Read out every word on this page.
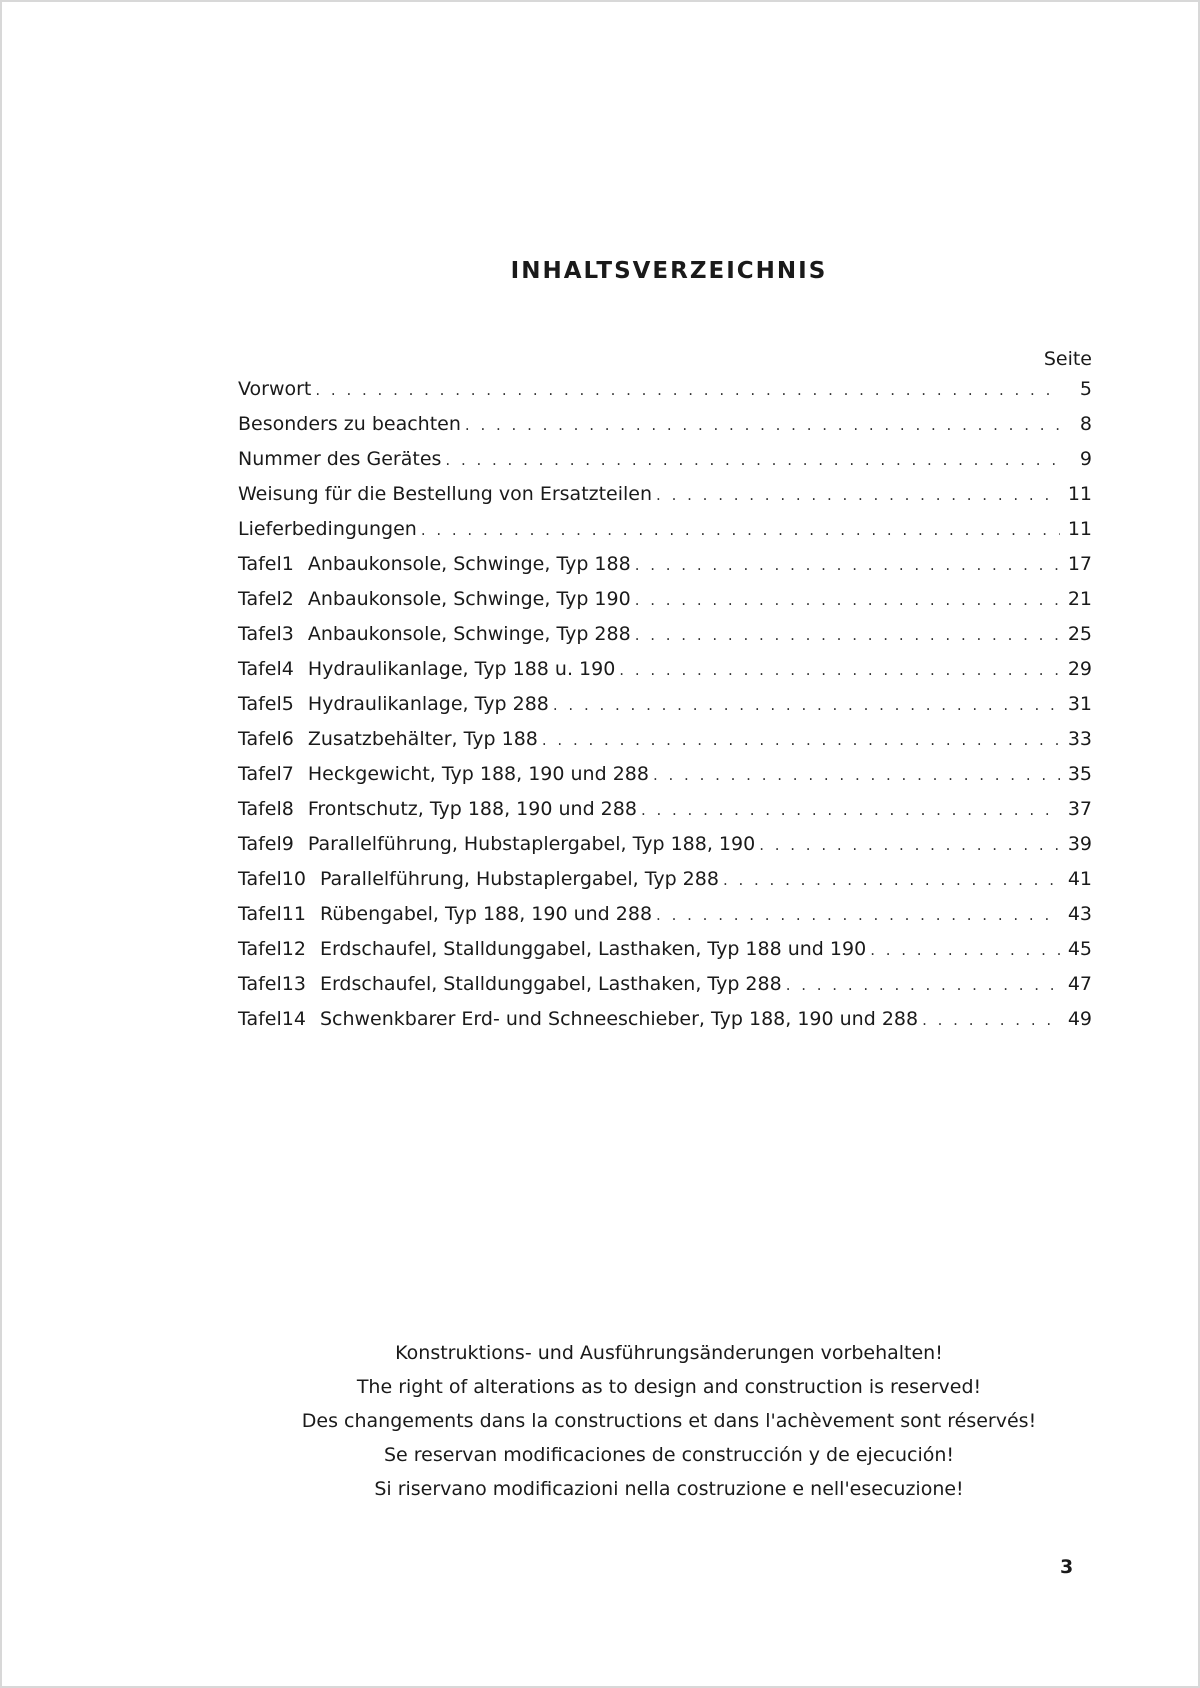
INHALTSVERZEICHNIS
Seite
Vorwort . . .	5
Besonders zu beachten . . .	8
Nummer des Gerätes . . .	9
Weisung für die Bestellung von Ersatzteilen . . .	11
Lieferbedingungen . . .	11
Tafel 1 Anbaukonsole, Schwinge, Typ 188 . . .	17
Tafel 2 Anbaukonsole, Schwinge, Typ 190 . . .	21
Tafel 3 Anbaukonsole, Schwinge, Typ 288 . . .	25
Tafel 4 Hydraulikanlage, Typ 188 u. 190 . . .	29
Tafel 5 Hydraulikanlage, Typ 288 . . .	31
Tafel 6 Zusatzbehälter, Typ 188 . . .	33
Tafel 7 Heckgewicht, Typ 188, 190 und 288 . . .	35
Tafel 8 Frontschutz, Typ 188, 190 und 288 . . .	37
Tafel 9 Parallelführung, Hubstaplergabel, Typ 188, 190 . . .	39
Tafel 10 Parallelführung, Hubstaplergabel, Typ 288 . . .	41
Tafel 11 Rübengabel, Typ 188, 190 und 288 . . .	43
Tafel 12 Erdschaufel, Stalldunggabel, Lasthaken, Typ 188 und 190 . . .	45
Tafel 13 Erdschaufel, Stalldunggabel, Lasthaken, Typ 288 . . .	47
Tafel 14 Schwenkbarer Erd- und Schneeschieber, Typ 188, 190 und 288 . . .	49
Konstruktions- und Ausführungsänderungen vorbehalten!
The right of alterations as to design and construction is reserved!
Des changements dans la constructions et dans l'achèvement sont réservés!
Se reservan modificaciones de construcción y de ejecución!
Si riservano modificazioni nella costruzione e nell'esecuzione!
3
